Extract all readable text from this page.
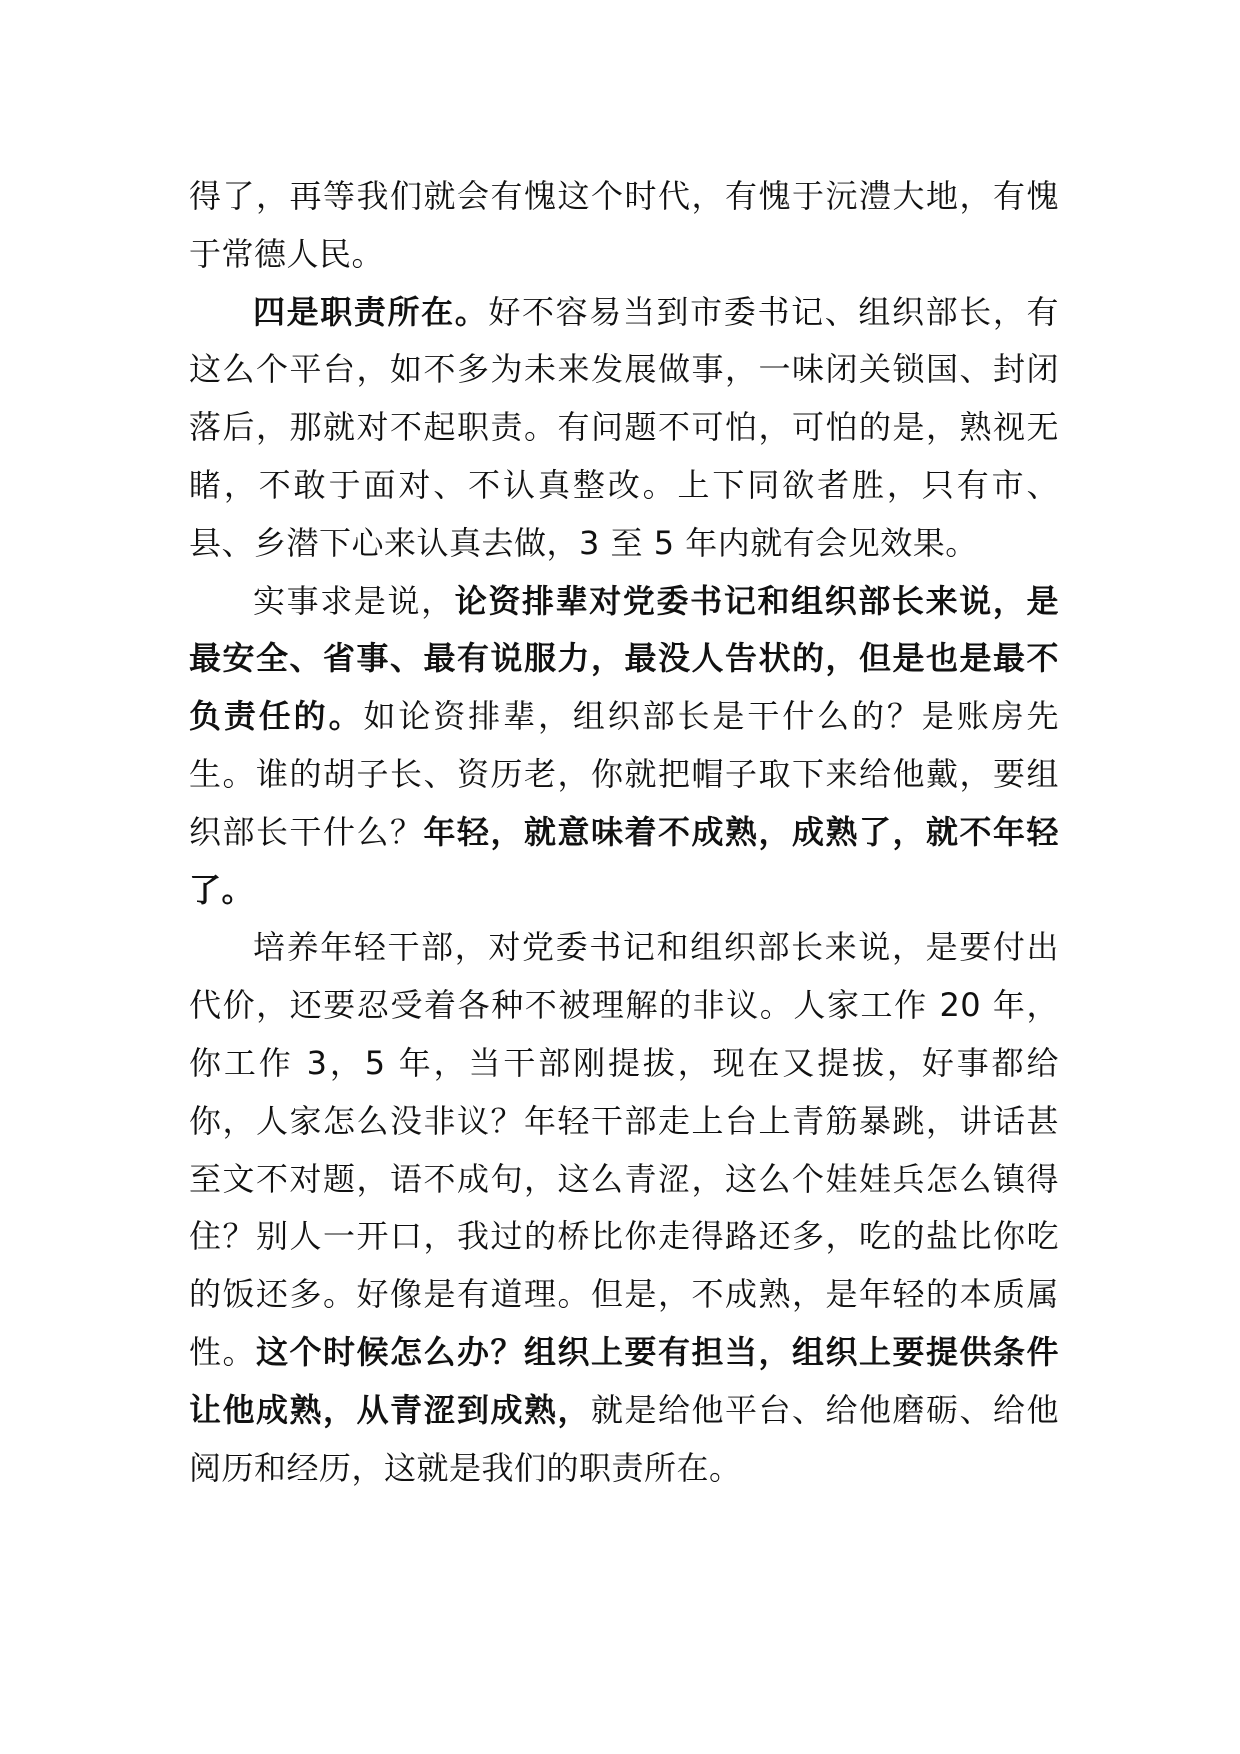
得了，再等我们就会有愧这个时代，有愧于沅澧大地，有愧于常德人民。

四是职责所在。好不容易当到市委书记、组织部长，有这么个平台，如不多为未来发展做事，一味闭关锁国、封闭落后，那就对不起职责。有问题不可怕，可怕的是，熟视无睹，不敢于面对、不认真整改。上下同欲者胜，只有市、县、乡潜下心来认真去做，3 至 5 年内就有会见效果。

实事求是说，论资排辈对党委书记和组织部长来说，是最安全、省事、最有说服力，最没人告状的，但是也是最不负责任的。如论资排辈，组织部长是干什么的？是账房先生。谁的胡子长、资历老，你就把帽子取下来给他戴，要组织部长干什么？年轻，就意味着不成熟，成熟了，就不年轻了。

培养年轻干部，对党委书记和组织部长来说，是要付出代价，还要忍受着各种不被理解的非议。人家工作 20 年，你工作 3，5 年，当干部刚提拔，现在又提拔，好事都给你，人家怎么没非议？年轻干部走上台上青筋暴跳，讲话甚至文不对题，语不成句，这么青涩，这么个娃娃兵怎么镇得住？别人一开口，我过的桥比你走得路还多，吃的盐比你吃的饭还多。好像是有道理。但是，不成熟，是年轻的本质属性。这个时候怎么办？组织上要有担当，组织上要提供条件让他成熟，从青涩到成熟，就是给他平台、给他磨砺、给他阅历和经历，这就是我们的职责所在。
